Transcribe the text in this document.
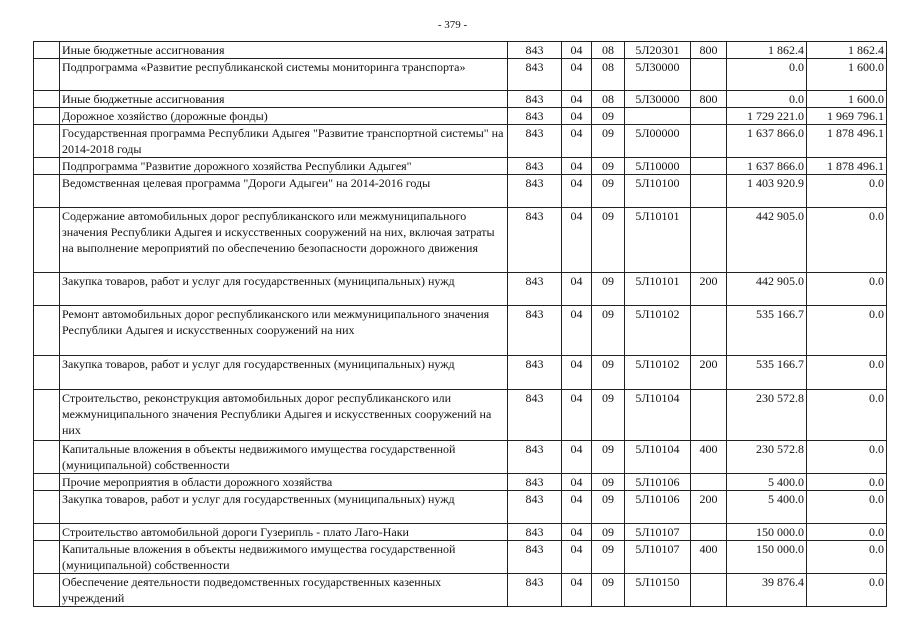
- 379 -
	Иные бюджетные ассигнования	843	04	08	5Л20301	800	1 862.4	1 862.4
	Подпрограмма «Развитие республиканской системы мониторинга транспорта»	843	04	08	5Л30000		0.0	1 600.0
	Иные бюджетные ассигнования	843	04	08	5Л30000	800	0.0	1 600.0
	Дорожное хозяйство (дорожные фонды)	843	04	09			1 729 221.0	1 969 796.1
	Государственная программа Республики Адыгея "Развитие транспортной системы" на 2014-2018 годы	843	04	09	5Л00000		1 637 866.0	1 878 496.1
	Подпрограмма "Развитие дорожного хозяйства Республики Адыгея"	843	04	09	5Л10000		1 637 866.0	1 878 496.1
	Ведомственная целевая программа "Дороги Адыгеи" на 2014-2016 годы	843	04	09	5Л10100		1 403 920.9	0.0
	Содержание автомобильных дорог республиканского или межмуниципального значения Республики Адыгея и искусственных сооружений на них, включая затраты на выполнение мероприятий по обеспечению безопасности дорожного движения	843	04	09	5Л10101		442 905.0	0.0
	Закупка товаров, работ и услуг для государственных (муниципальных) нужд	843	04	09	5Л10101	200	442 905.0	0.0
	Ремонт автомобильных дорог республиканского или межмуниципального значения Республики Адыгея и искусственных сооружений на них	843	04	09	5Л10102		535 166.7	0.0
	Закупка товаров, работ и услуг для государственных (муниципальных) нужд	843	04	09	5Л10102	200	535 166.7	0.0
	Строительство, реконструкция автомобильных дорог республиканского или межмуниципального значения Республики Адыгея и искусственных сооружений на них	843	04	09	5Л10104		230 572.8	0.0
	Капитальные вложения в объекты недвижимого имущества государственной (муниципальной) собственности	843	04	09	5Л10104	400	230 572.8	0.0
	Прочие мероприятия в области дорожного хозяйства	843	04	09	5Л10106		5 400.0	0.0
	Закупка товаров, работ и услуг для государственных (муниципальных) нужд	843	04	09	5Л10106	200	5 400.0	0.0
	Строительство автомобильной дороги Гузерипль - плато Лаго-Наки	843	04	09	5Л10107		150 000.0	0.0
	Капитальные вложения в объекты недвижимого имущества государственной (муниципальной) собственности	843	04	09	5Л10107	400	150 000.0	0.0
	Обеспечение деятельности подведомственных государственных казенных учреждений	843	04	09	5Л10150		39 876.4	0.0
